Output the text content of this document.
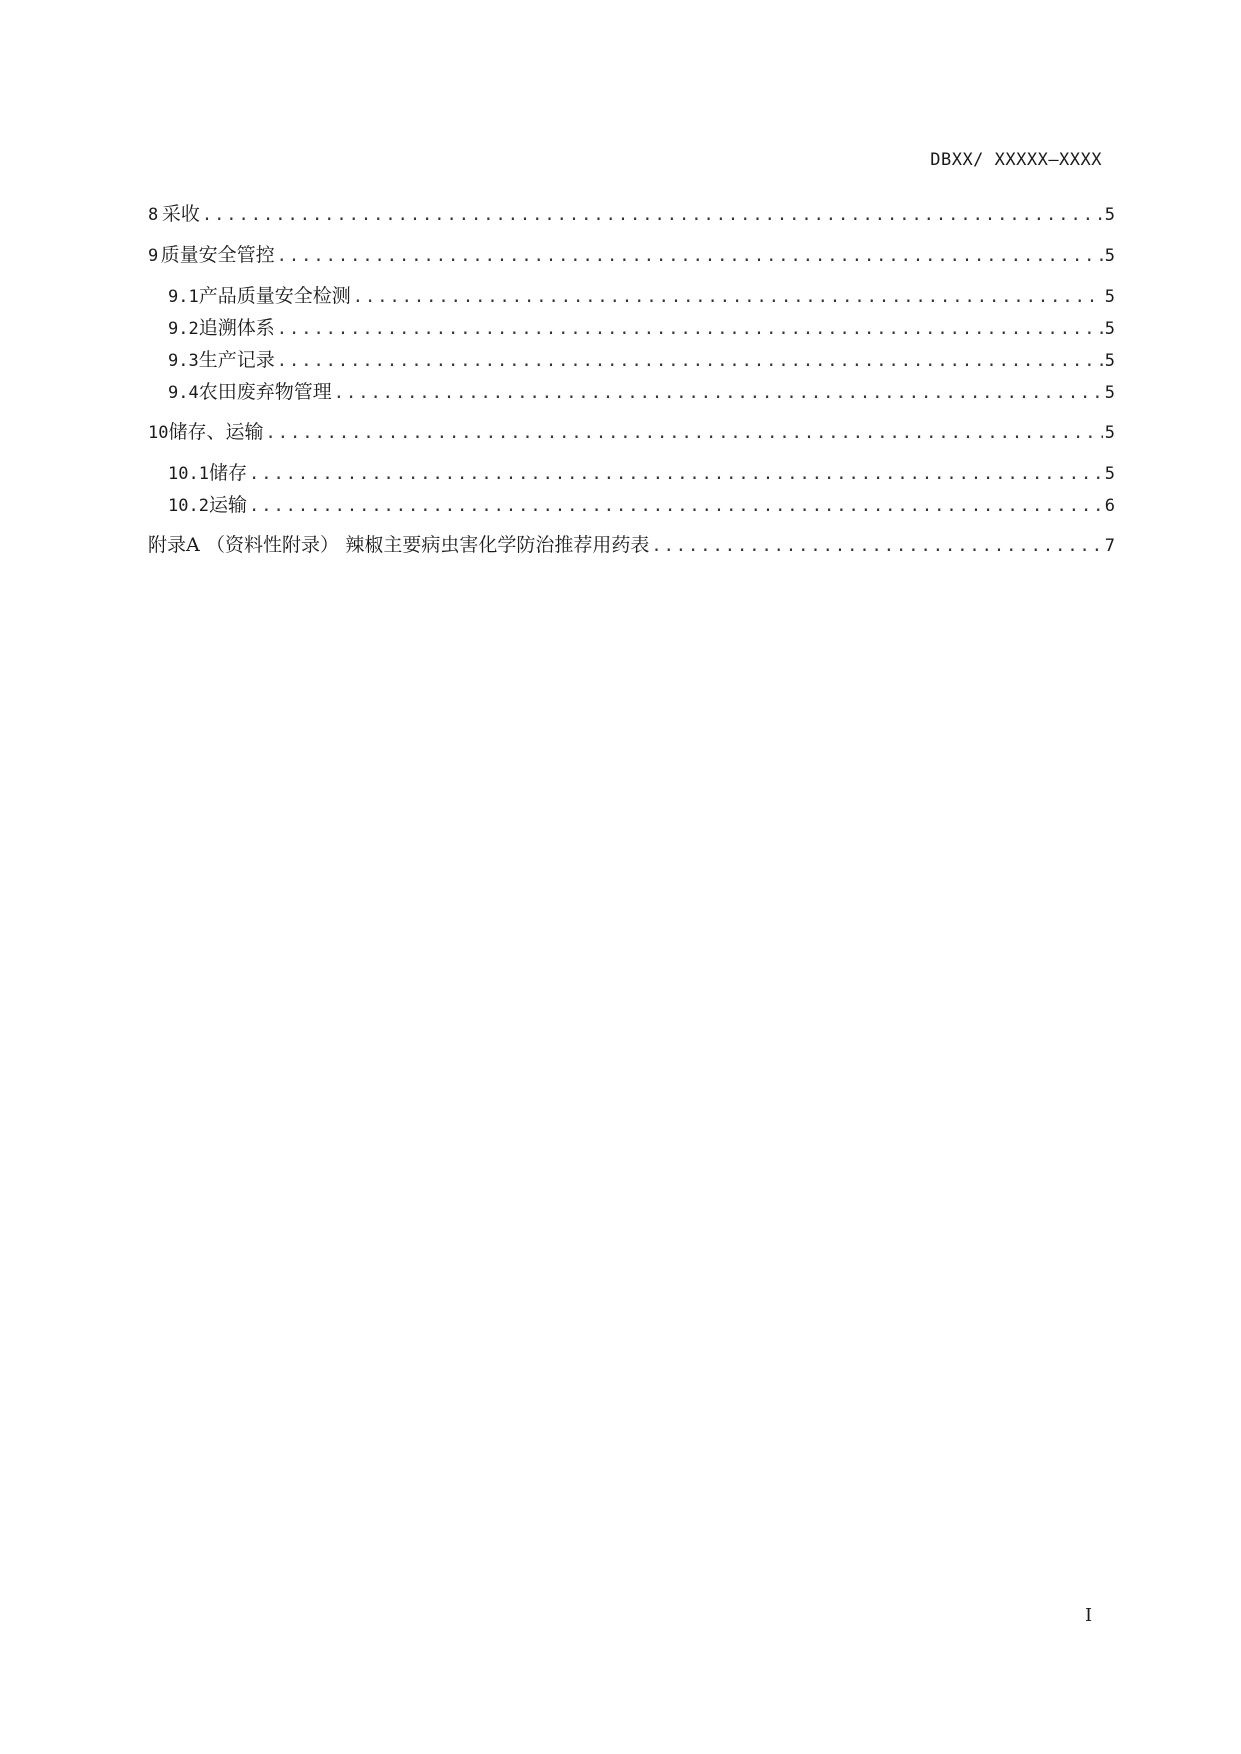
DBXX/ XXXXX—XXXX
8 采收 .....	5
9 质量安全管控 .....	5
9.1 产品质量安全检测 .....	5
9.2 追溯体系 .....	5
9.3 生产记录 .....	5
9.4 农田废弃物管理 .....	5
10 储存、运输 .....	5
10.1 储存 .....	5
10.2 运输 .....	6
附录A （资料性附录） 辣椒主要病虫害化学防治推荐用药表 .....	7
I
